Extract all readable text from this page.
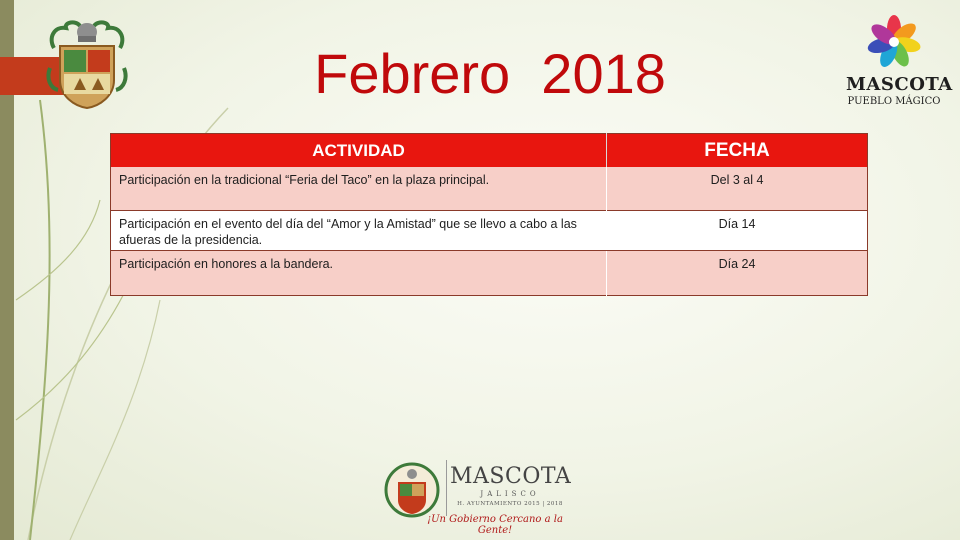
MASCOTA
PUEBLO MÁGICO
Febrero  2018
ACTIVIDAD	FECHA
Participación en la tradicional “Feria del Taco” en la plaza principal.	Del 3 al 4
Participación en el evento del día del “Amor y la Amistad” que se llevo a cabo a las afueras de la presidencia.	Día 14
Participación en honores a la bandera.	Día 24
MASCOTA
JALISCO
H. AYUNTAMIENTO 2015 | 2018
¡Un Gobierno Cercano a la Gente!
